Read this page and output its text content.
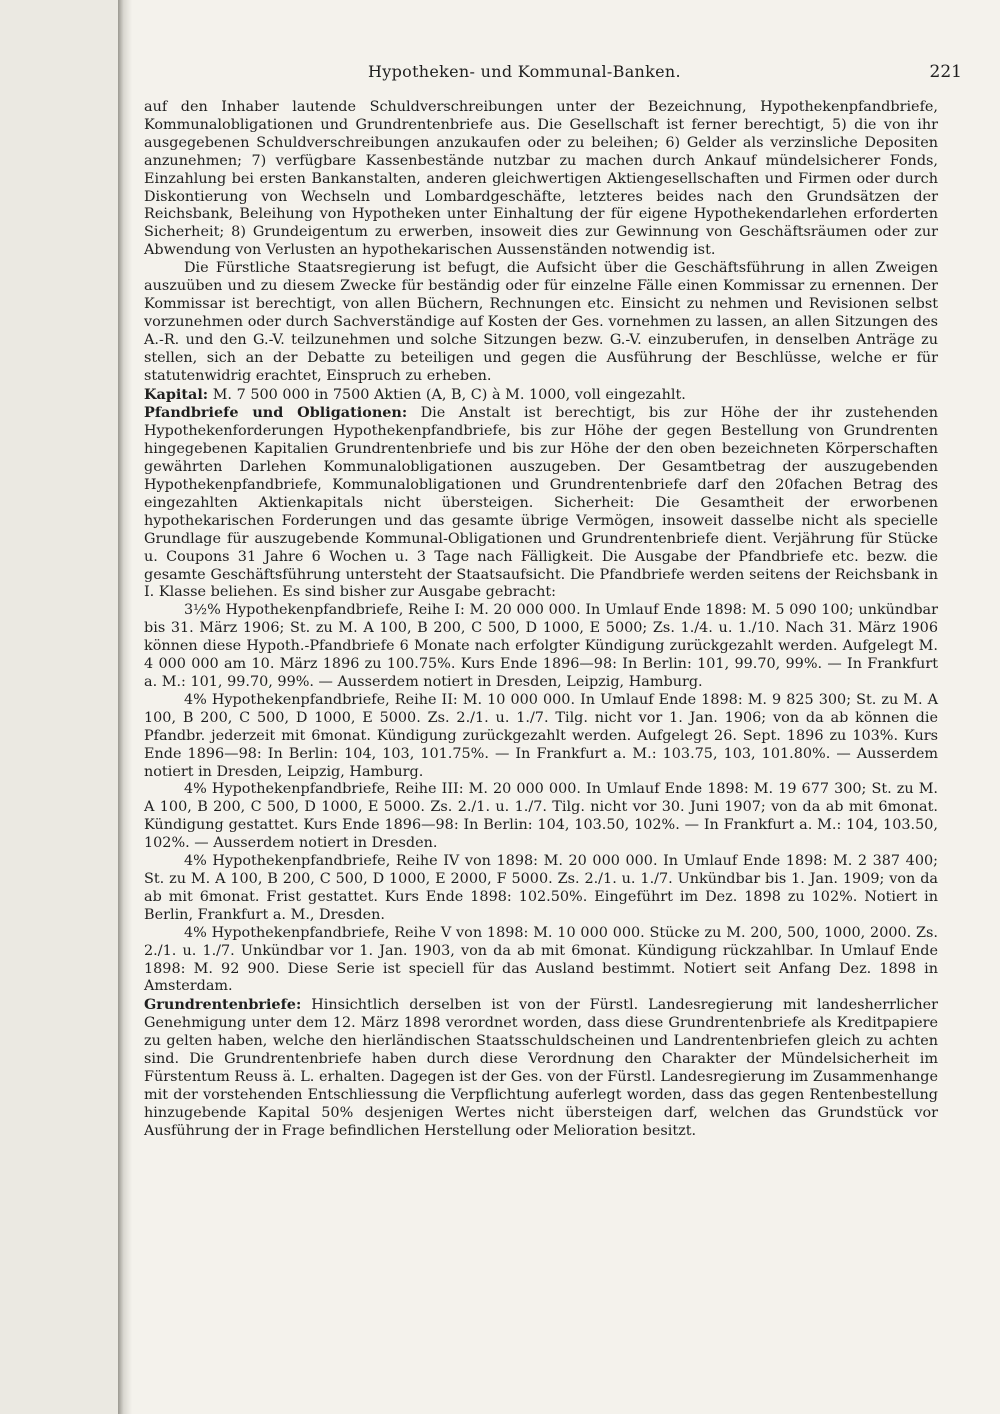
Hypotheken- und Kommunal-Banken.	221

auf den Inhaber lautende Schuldverschreibungen unter der Bezeichnung, Hypothekenpfandbriefe, Kommunalobligationen und Grundrentenbriefe aus. Die Gesellschaft ist ferner berechtigt, 5) die von ihr ausgegebenen Schuldverschreibungen anzukaufen oder zu beleihen; 6) Gelder als verzinsliche Depositen anzunehmen; 7) verfügbare Kassenbestände nutzbar zu machen durch Ankauf mündelsicherer Fonds, Einzahlung bei ersten Bankanstalten, anderen gleichwertigen Aktiengesellschaften und Firmen oder durch Diskontierung von Wechseln und Lombardgeschäfte, letzteres beides nach den Grundsätzen der Reichsbank, Beleihung von Hypotheken unter Einhaltung der für eigene Hypothekendarlehen erforderten Sicherheit; 8) Grundeigentum zu erwerben, insoweit dies zur Gewinnung von Geschäftsräumen oder zur Abwendung von Verlusten an hypothekarischen Aussenständen notwendig ist.

Die Fürstliche Staatsregierung ist befugt, die Aufsicht über die Geschäftsführung in allen Zweigen auszuüben und zu diesem Zwecke für beständig oder für einzelne Fälle einen Kommissar zu ernennen. Der Kommissar ist berechtigt, von allen Büchern, Rechnungen etc. Einsicht zu nehmen und Revisionen selbst vorzunehmen oder durch Sachverständige auf Kosten der Ges. vornehmen zu lassen, an allen Sitzungen des A.-R. und den G.-V. teilzunehmen und solche Sitzungen bezw. G.-V. einzuberufen, in denselben Anträge zu stellen, sich an der Debatte zu beteiligen und gegen die Ausführung der Beschlüsse, welche er für statutenwidrig erachtet, Einspruch zu erheben.

Kapital: M. 7 500 000 in 7500 Aktien (A, B, C) à M. 1000, voll eingezahlt.

Pfandbriefe und Obligationen: Die Anstalt ist berechtigt, bis zur Höhe der ihr zustehenden Hypothekenforderungen Hypothekenpfandbriefe, bis zur Höhe der gegen Bestellung von Grundrenten hingegebenen Kapitalien Grundrentenbriefe und bis zur Höhe der den oben bezeichneten Körperschaften gewährten Darlehen Kommunalobligationen auszugeben. Der Gesamtbetrag der auszugebenden Hypothekenpfandbriefe, Kommunalobligationen und Grundrentenbriefe darf den 20fachen Betrag des eingezahlten Aktienkapitals nicht übersteigen. Sicherheit: Die Gesamtheit der erworbenen hypothekarischen Forderungen und das gesamte übrige Vermögen, insoweit dasselbe nicht als specielle Grundlage für auszugebende Kommunal-Obligationen und Grundrentenbriefe dient. Verjährung für Stücke u. Coupons 31 Jahre 6 Wochen u. 3 Tage nach Fälligkeit. Die Ausgabe der Pfandbriefe etc. bezw. die gesamte Geschäftsführung untersteht der Staatsaufsicht. Die Pfandbriefe werden seitens der Reichsbank in I. Klasse beliehen. Es sind bisher zur Ausgabe gebracht:

3½% Hypothekenpfandbriefe, Reihe I: M. 20 000 000. In Umlauf Ende 1898: M. 5 090 100; unkündbar bis 31. März 1906; St. zu M. A 100, B 200, C 500, D 1000, E 5000; Zs. 1./4. u. 1./10. Nach 31. März 1906 können diese Hypoth.-Pfandbriefe 6 Monate nach erfolgter Kündigung zurückgezahlt werden. Aufgelegt M. 4 000 000 am 10. März 1896 zu 100.75%. Kurs Ende 1896—98: In Berlin: 101, 99.70, 99%. — In Frankfurt a. M.: 101, 99.70, 99%. — Ausserdem notiert in Dresden, Leipzig, Hamburg.

4% Hypothekenpfandbriefe, Reihe II: M. 10 000 000. In Umlauf Ende 1898: M. 9 825 300; St. zu M. A 100, B 200, C 500, D 1000, E 5000. Zs. 2./1. u. 1./7. Tilg. nicht vor 1. Jan. 1906; von da ab können die Pfandbr. jederzeit mit 6monat. Kündigung zurückgezahlt werden. Aufgelegt 26. Sept. 1896 zu 103%. Kurs Ende 1896—98: In Berlin: 104, 103, 101.75%. — In Frankfurt a. M.: 103.75, 103, 101.80%. — Ausserdem notiert in Dresden, Leipzig, Hamburg.

4% Hypothekenpfandbriefe, Reihe III: M. 20 000 000. In Umlauf Ende 1898: M. 19 677 300; St. zu M. A 100, B 200, C 500, D 1000, E 5000. Zs. 2./1. u. 1./7. Tilg. nicht vor 30. Juni 1907; von da ab mit 6monat. Kündigung gestattet. Kurs Ende 1896—98: In Berlin: 104, 103.50, 102%. — In Frankfurt a. M.: 104, 103.50, 102%. — Ausserdem notiert in Dresden.

4% Hypothekenpfandbriefe, Reihe IV von 1898: M. 20 000 000. In Umlauf Ende 1898: M. 2 387 400; St. zu M. A 100, B 200, C 500, D 1000, E 2000, F 5000. Zs. 2./1. u. 1./7. Unkündbar bis 1. Jan. 1909; von da ab mit 6monat. Frist gestattet. Kurs Ende 1898: 102.50%. Eingeführt im Dez. 1898 zu 102%. Notiert in Berlin, Frankfurt a. M., Dresden.

4% Hypothekenpfandbriefe, Reihe V von 1898: M. 10 000 000. Stücke zu M. 200, 500, 1000, 2000. Zs. 2./1. u. 1./7. Unkündbar vor 1. Jan. 1903, von da ab mit 6monat. Kündigung rückzahlbar. In Umlauf Ende 1898: M. 92 900. Diese Serie ist speciell für das Ausland bestimmt. Notiert seit Anfang Dez. 1898 in Amsterdam.

Grundrentenbriefe: Hinsichtlich derselben ist von der Fürstl. Landesregierung mit landesherrlicher Genehmigung unter dem 12. März 1898 verordnet worden, dass diese Grundrentenbriefe als Kreditpapiere zu gelten haben, welche den hierländischen Staatsschuldscheinen und Landrentenbriefen gleich zu achten sind. Die Grundrentenbriefe haben durch diese Verordnung den Charakter der Mündelsicherheit im Fürstentum Reuss ä. L. erhalten. Dagegen ist der Ges. von der Fürstl. Landesregierung im Zusammenhange mit der vorstehenden Entschliessung die Verpflichtung auferlegt worden, dass das gegen Rentenbestellung hinzugebende Kapital 50% desjenigen Wertes nicht übersteigen darf, welchen das Grundstück vor Ausführung der in Frage befindlichen Herstellung oder Melioration besitzt.
